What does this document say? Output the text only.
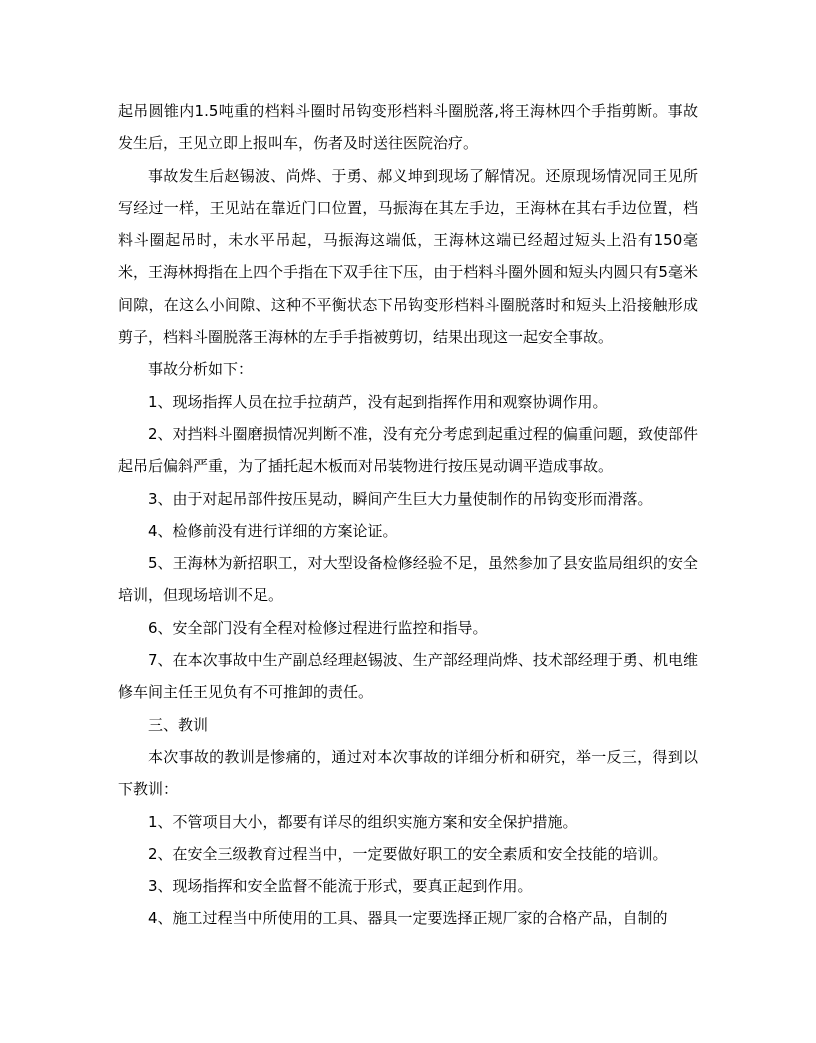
起吊圆锥内1.5吨重的档料斗圈时吊钩变形档料斗圈脱落,将王海林四个手指剪断。事故发生后，王见立即上报叫车，伤者及时送往医院治疗。

事故发生后赵锡波、尚烨、于勇、郝义坤到现场了解情况。还原现场情况同王见所写经过一样，王见站在靠近门口位置，马振海在其左手边，王海林在其右手边位置，档料斗圈起吊时，未水平吊起，马振海这端低，王海林这端已经超过短头上沿有150毫米，王海林拇指在上四个手指在下双手往下压，由于档料斗圈外圆和短头内圆只有5毫米间隙，在这么小间隙、这种不平衡状态下吊钩变形档料斗圈脱落时和短头上沿接触形成剪子，档料斗圈脱落王海林的左手手指被剪切，结果出现这一起安全事故。

事故分析如下：

1、现场指挥人员在拉手拉葫芦，没有起到指挥作用和观察协调作用。

2、对挡料斗圈磨损情况判断不准，没有充分考虑到起重过程的偏重问题，致使部件起吊后偏斜严重，为了插托起木板而对吊装物进行按压晃动调平造成事故。

3、由于对起吊部件按压晃动，瞬间产生巨大力量使制作的吊钩变形而滑落。

4、检修前没有进行详细的方案论证。

5、王海林为新招职工，对大型设备检修经验不足，虽然参加了县安监局组织的安全培训，但现场培训不足。

6、安全部门没有全程对检修过程进行监控和指导。

7、在本次事故中生产副总经理赵锡波、生产部经理尚烨、技术部经理于勇、机电维修车间主任王见负有不可推卸的责任。

三、教训

本次事故的教训是惨痛的，通过对本次事故的详细分析和研究，举一反三，得到以下教训：

1、不管项目大小，都要有详尽的组织实施方案和安全保护措施。

2、在安全三级教育过程当中，一定要做好职工的安全素质和安全技能的培训。

3、现场指挥和安全监督不能流于形式，要真正起到作用。

4、施工过程当中所使用的工具、器具一定要选择正规厂家的合格产品，自制的
